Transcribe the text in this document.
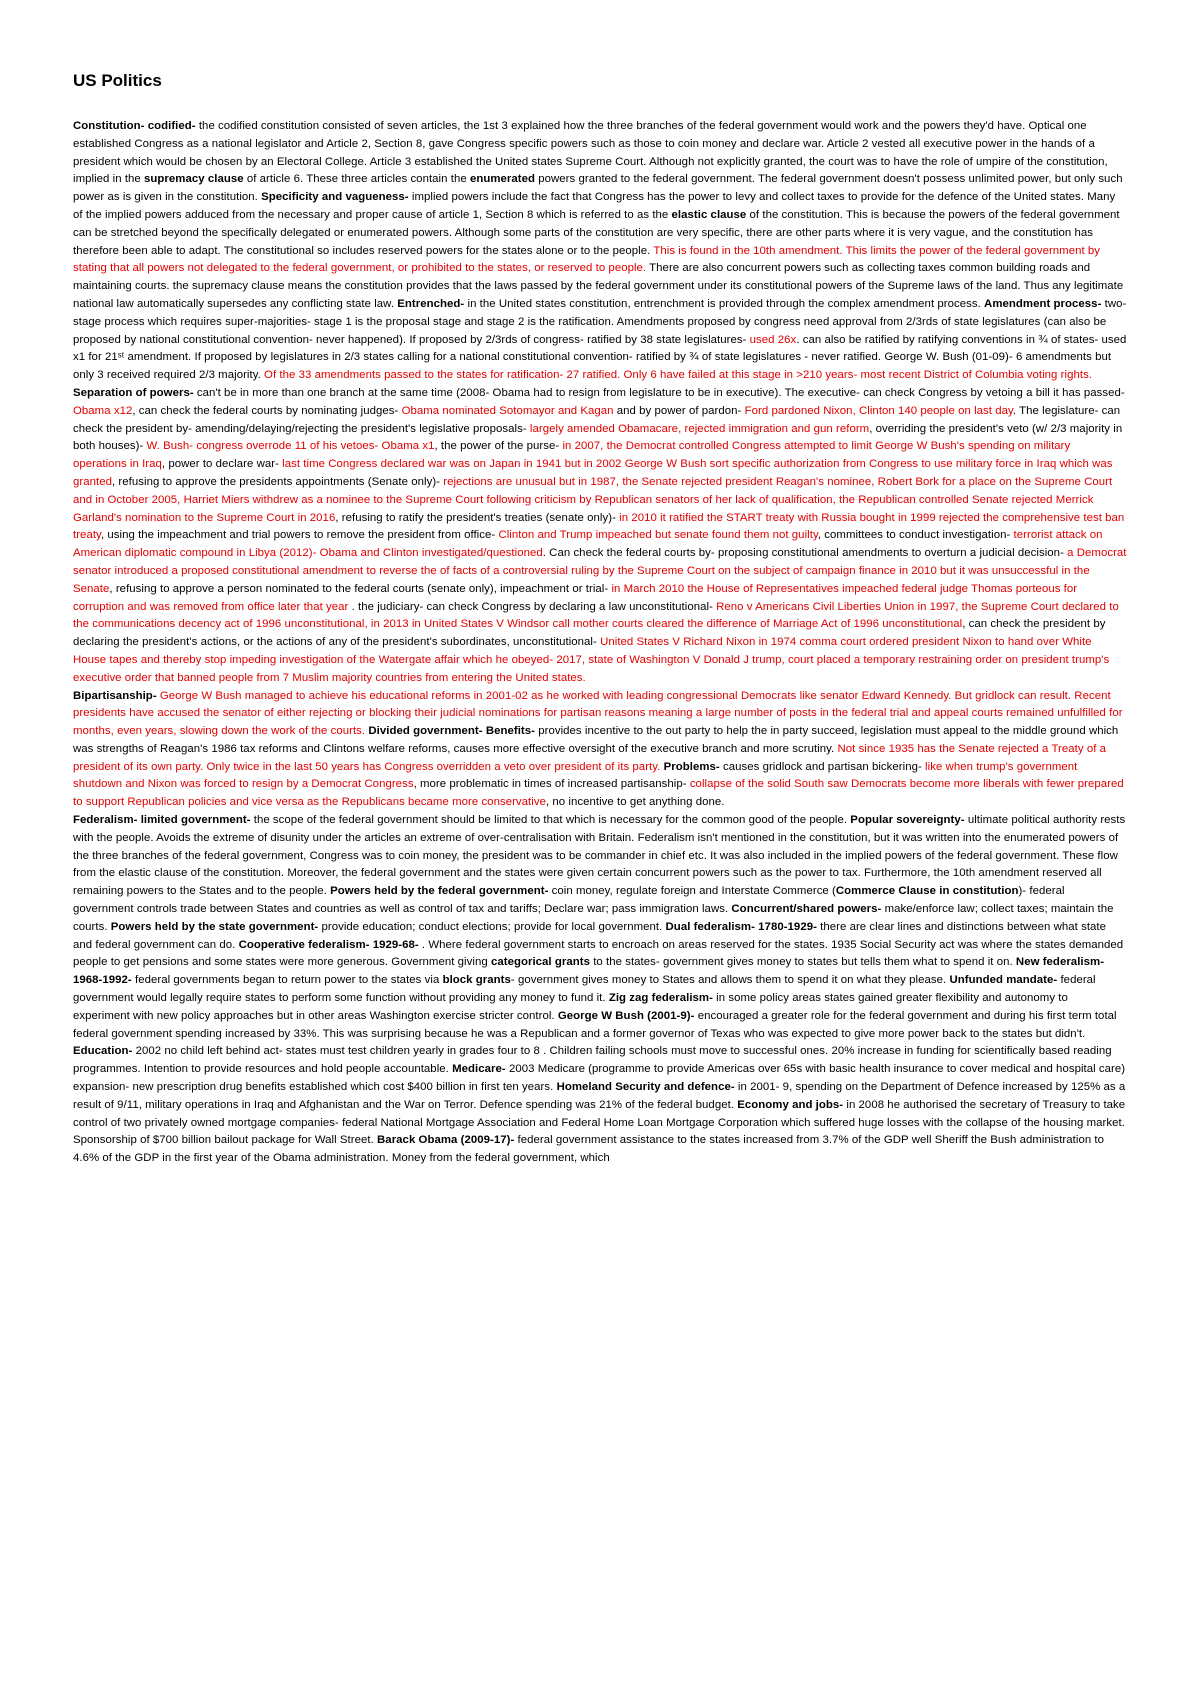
US Politics

Constitution- codified- the codified constitution consisted of seven articles, the 1st 3 explained how the three branches of the federal government would work and the powers they'd have. Optical one established Congress as a national legislator and Article 2, Section 8, gave Congress specific powers such as those to coin money and declare war. Article 2 vested all executive power in the hands of a president which would be chosen by an Electoral College. Article 3 established the United states Supreme Court. Although not explicitly granted, the court was to have the role of umpire of the constitution, implied in the supremacy clause of article 6. These three articles contain the enumerated powers granted to the federal government. The federal government doesn't possess unlimited power, but only such power as is given in the constitution. Specificity and vagueness- implied powers include the fact that Congress has the power to levy and collect taxes to provide for the defence of the United states. Many of the implied powers adduced from the necessary and proper cause of article 1, Section 8 which is referred to as the elastic clause of the constitution. This is because the powers of the federal government can be stretched beyond the specifically delegated or enumerated powers. Although some parts of the constitution are very specific, there are other parts where it is very vague, and the constitution has therefore been able to adapt. The constitutional so includes reserved powers for the states alone or to the people. This is found in the 10th amendment. This limits the power of the federal government by stating that all powers not delegated to the federal government, or prohibited to the states, or reserved to people. There are also concurrent powers such as collecting taxes common building roads and maintaining courts. the supremacy clause means the constitution provides that the laws passed by the federal government under its constitutional powers of the Supreme laws of the land. Thus any legitimate national law automatically supersedes any conflicting state law. Entrenched- in the United states constitution, entrenchment is provided through the complex amendment process. Amendment process- two-stage process which requires super-majorities- stage 1 is the proposal stage and stage 2 is the ratification. Amendments proposed by congress need approval from 2/3rds of state legislatures (can also be proposed by national constitutional convention- never happened). If proposed by 2/3rds of congress- ratified by 38 state legislatures- used 26x. can also be ratified by ratifying conventions in ¾ of states- used x1 for 21ˢᵗ amendment. If proposed by legislatures in 2/3 states calling for a national constitutional convention- ratified by ¾ of state legislatures - never ratified. George W. Bush (01-09)- 6 amendments but only 3 received required 2/3 majority. Of the 33 amendments passed to the states for ratification- 27 ratified. Only 6 have failed at this stage in >210 years- most recent District of Columbia voting rights.

Separation of powers- can't be in more than one branch at the same time (2008- Obama had to resign from legislature to be in executive). The executive- can check Congress by vetoing a bill it has passed- Obama x12, can check the federal courts by nominating judges- Obama nominated Sotomayor and Kagan and by power of pardon- Ford pardoned Nixon, Clinton 140 people on last day. The legislature- can check the president by- amending/delaying/rejecting the president's legislative proposals- largely amended Obamacare, rejected immigration and gun reform, overriding the president's veto (w/ 2/3 majority in both houses)- W. Bush- congress overrode 11 of his vetoes- Obama x1, the power of the purse- in 2007, the Democrat controlled Congress attempted to limit George W Bush's spending on military operations in Iraq, power to declare war- last time Congress declared war was on Japan in 1941 but in 2002 George W Bush sort specific authorization from Congress to use military force in Iraq which was granted, refusing to approve the presidents appointments (Senate only)- rejections are unusual but in 1987, the Senate rejected president Reagan's nominee, Robert Bork for a place on the Supreme Court and in October 2005, Harriet Miers withdrew as a nominee to the Supreme Court following criticism by Republican senators of her lack of qualification, the Republican controlled Senate rejected Merrick Garland's nomination to the Supreme Court in 2016, refusing to ratify the president's treaties (senate only)- in 2010 it ratified the START treaty with Russia bought in 1999 rejected the comprehensive test ban treaty, using the impeachment and trial powers to remove the president from office- Clinton and Trump impeached but senate found them not guilty, committees to conduct investigation- terrorist attack on American diplomatic compound in Libya (2012)- Obama and Clinton investigated/questioned. Can check the federal courts by- proposing constitutional amendments to overturn a judicial decision- a Democrat senator introduced a proposed constitutional amendment to reverse the of facts of a controversial ruling by the Supreme Court on the subject of campaign finance in 2010 but it was unsuccessful in the Senate, refusing to approve a person nominated to the federal courts (senate only), impeachment or trial- in March 2010 the House of Representatives impeached federal judge Thomas porteous for corruption and was removed from office later that year . the judiciary- can check Congress by declaring a law unconstitutional- Reno v Americans Civil Liberties Union in 1997, the Supreme Court declared to the communications decency act of 1996 unconstitutional, in 2013 in United States V Windsor call mother courts cleared the difference of Marriage Act of 1996 unconstitutional, can check the president by declaring the president's actions, or the actions of any of the president's subordinates, unconstitutional- United States V Richard Nixon in 1974 comma court ordered president Nixon to hand over White House tapes and thereby stop impeding investigation of the Watergate affair which he obeyed- 2017, state of Washington V Donald J trump, court placed a temporary restraining order on president trump's executive order that banned people from 7 Muslim majority countries from entering the United states.

Bipartisanship- George W Bush managed to achieve his educational reforms in 2001-02 as he worked with leading congressional Democrats like senator Edward Kennedy. But gridlock can result. Recent presidents have accused the senator of either rejecting or blocking their judicial nominations for partisan reasons meaning a large number of posts in the federal trial and appeal courts remained unfulfilled for months, even years, slowing down the work of the courts. Divided government- Benefits- provides incentive to the out party to help the in party succeed, legislation must appeal to the middle ground which was strengths of Reagan's 1986 tax reforms and Clintons welfare reforms, causes more effective oversight of the executive branch and more scrutiny. Not since 1935 has the Senate rejected a Treaty of a president of its own party. Only twice in the last 50 years has Congress overridden a veto over president of its party. Problems- causes gridlock and partisan bickering- like when trump's government shutdown and Nixon was forced to resign by a Democrat Congress, more problematic in times of increased partisanship- collapse of the solid South saw Democrats become more liberals with fewer prepared to support Republican policies and vice versa as the Republicans became more conservative, no incentive to get anything done.

Federalism- limited government- the scope of the federal government should be limited to that which is necessary for the common good of the people. Popular sovereignty- ultimate political authority rests with the people. Avoids the extreme of disunity under the articles an extreme of over-centralisation with Britain. Federalism isn't mentioned in the constitution, but it was written into the enumerated powers of the three branches of the federal government, Congress was to coin money, the president was to be commander in chief etc. It was also included in the implied powers of the federal government. These flow from the elastic clause of the constitution. Moreover, the federal government and the states were given certain concurrent powers such as the power to tax. Furthermore, the 10th amendment reserved all remaining powers to the States and to the people. Powers held by the federal government- coin money, regulate foreign and Interstate Commerce (Commerce Clause in constitution)- federal government controls trade between States and countries as well as control of tax and tariffs; Declare war; pass immigration laws. Concurrent/shared powers- make/enforce law; collect taxes; maintain the courts. Powers held by the state government- provide education; conduct elections; provide for local government. Dual federalism- 1780-1929- there are clear lines and distinctions between what state and federal government can do. Cooperative federalism- 1929-68- . Where federal government starts to encroach on areas reserved for the states. 1935 Social Security act was where the states demanded people to get pensions and some states were more generous. Government giving categorical grants to the states- government gives money to states but tells them what to spend it on. New federalism- 1968-1992- federal governments began to return power to the states via block grants- government gives money to States and allows them to spend it on what they please. Unfunded mandate- federal government would legally require states to perform some function without providing any money to fund it. Zig zag federalism- in some policy areas states gained greater flexibility and autonomy to experiment with new policy approaches but in other areas Washington exercise stricter control. George W Bush (2001-9)- encouraged a greater role for the federal government and during his first term total federal government spending increased by 33%. This was surprising because he was a Republican and a former governor of Texas who was expected to give more power back to the states but didn't. Education- 2002 no child left behind act- states must test children yearly in grades four to 8 . Children failing schools must move to successful ones. 20% increase in funding for scientifically based reading programmes. Intention to provide resources and hold people accountable. Medicare- 2003 Medicare (programme to provide Americas over 65s with basic health insurance to cover medical and hospital care) expansion- new prescription drug benefits established which cost $400 billion in first ten years. Homeland Security and defence- in 2001- 9, spending on the Department of Defence increased by 125% as a result of 9/11, military operations in Iraq and Afghanistan and the War on Terror. Defence spending was 21% of the federal budget. Economy and jobs- in 2008 he authorised the secretary of Treasury to take control of two privately owned mortgage companies- federal National Mortgage Association and Federal Home Loan Mortgage Corporation which suffered huge losses with the collapse of the housing market. Sponsorship of $700 billion bailout package for Wall Street. Barack Obama (2009-17)- federal government assistance to the states increased from 3.7% of the GDP well Sheriff the Bush administration to 4.6% of the GDP in the first year of the Obama administration. Money from the federal government, which
